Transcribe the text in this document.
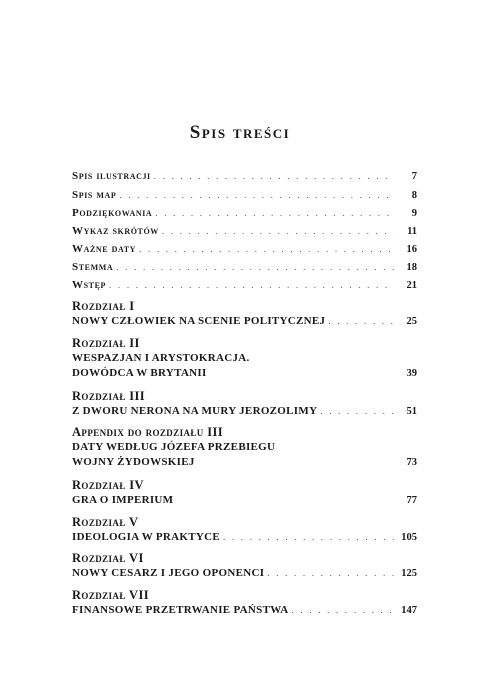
Spis treści
Spis ilustracji . . .	7
Spis map . . .	8
Podziękowania . . .	9
Wykaz skrótów . . .	11
Ważne daty . . .	16
Stemma . . .	18
Wstęp . . .	21
Rozdział I
NOWY CZŁOWIEK NA SCENIE POLITYCZNEJ . . .	25
Rozdział II
WESPAZJAN I ARYSTOKRACJA.
DOWÓDCA W BRYTANII	39
Rozdział III
Z DWORU NERONA NA MURY JEROZOLIMY . . .	51
Appendix do rozdziału III
DATY WEDŁUG JÓZEFA PRZEBIEGU
WOJNY ŻYDOWSKIEJ	73
Rozdział IV
GRA O IMPERIUM	77
Rozdział V
IDEOLOGIA W PRAKTYCE . . .	105
Rozdział VI
NOWY CESARZ I JEGO OPONENCI . . .	125
Rozdział VII
FINANSOWE PRZETRWANIE PAŃSTWA . . .	147
